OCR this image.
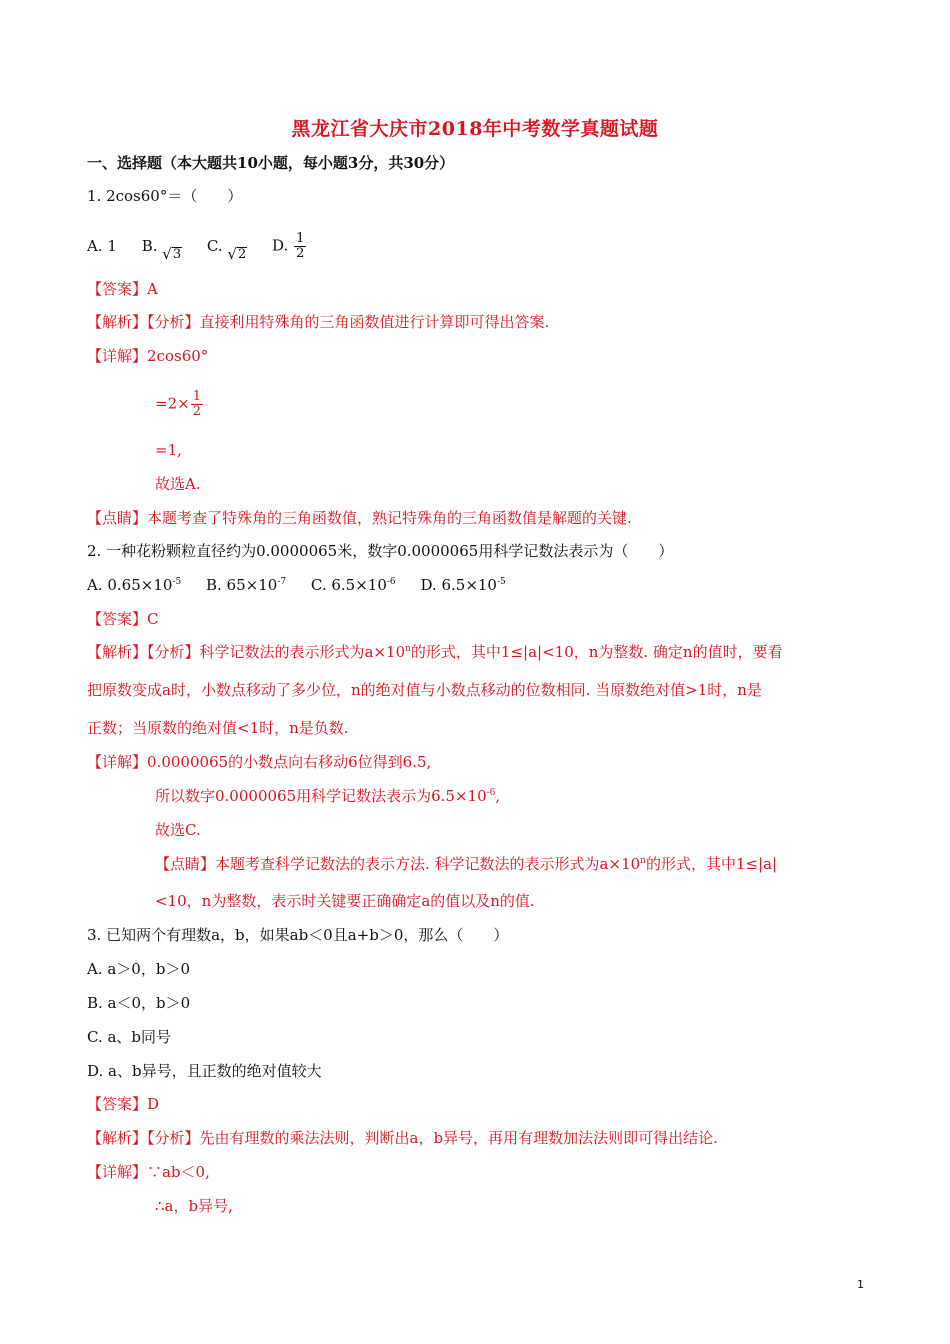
黑龙江省大庆市2018年中考数学真题试题
一、选择题（本大题共10小题，每小题3分，共30分）
1. 2cos60°＝（　　）
A. 1 B. √ 3 C. √ 2 D. $\frac{1}{2}$
【答案】A
【解析】【分析】直接利用特殊角的三角函数值进行计算即可得出答案.
【详解】2cos60°
$=2\times \frac{1}{2}$
=1,
故选A.
【点睛】本题考查了特殊角的三角函数值，熟记特殊角的三角函数值是解题的关键.
2. 一种花粉颗粒直径约为0.0000065米，数字0.0000065用科学记数法表示为（　　）
A. $0.65\times 10^{-5}$ B. $65\times 10^{-7}$ C. $6.5\times 10^{-6}$ D. $6.5\times 10^{-5}$
【答案】C
【解析】【分析】科学记数法的表示形式为$a\times 10^n$的形式，其中1≤|a|<10，n为整数. 确定n的值时，要看
把原数变成a时，小数点移动了多少位，n的绝对值与小数点移动的位数相同. 当原数绝对值>1时，n是
正数；当原数的绝对值<1时，n是负数.
【详解】0.0000065的小数点向右移动6位得到6.5,
所以数字0.0000065用科学记数法表示为$6.5\times 10^{-6}$,
故选C.
【点睛】本题考查科学记数法的表示方法. 科学记数法的表示形式为$a\times 10^n$的形式，其中1≤|a|
<10，n为整数，表示时关键要正确确定a的值以及n的值.
3. 已知两个有理数a，b，如果ab＜0且a+b＞0，那么（　　）
A. a＞0，b＞0
B. a＜0，b＞0
C. a、b同号
D. a、b异号，且正数的绝对值较大
【答案】D
【解析】【分析】先由有理数的乘法法则，判断出a，b异号，再用有理数加法法则即可得出结论.
【详解】∵ab＜0,
∴a，b异号,
1
